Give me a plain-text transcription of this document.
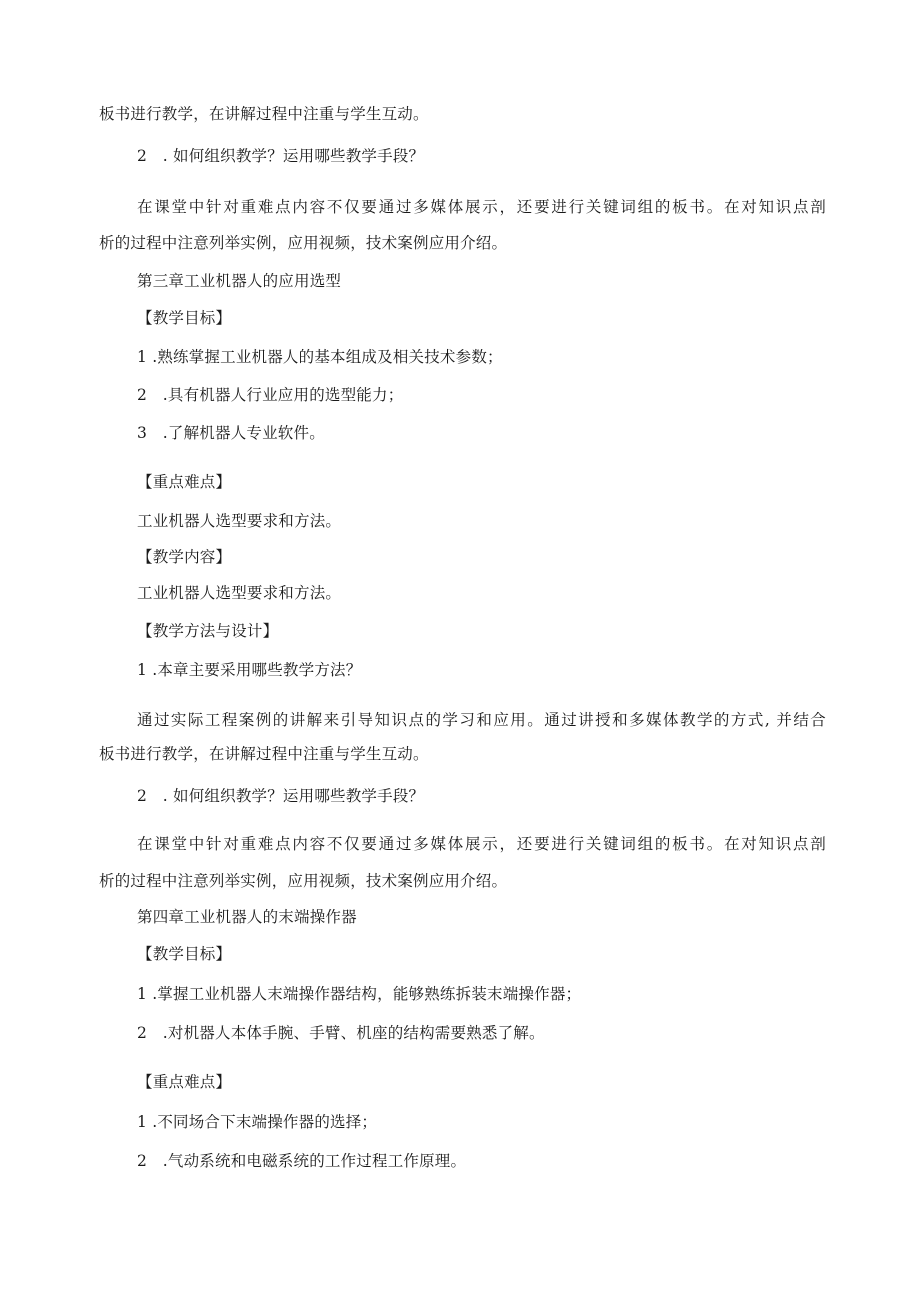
板书进行教学，在讲解过程中注重与学生互动。
2　. 如何组织教学？运用哪些教学手段？
在课堂中针对重难点内容不仅要通过多媒体展示，还要进行关键词组的板书。在对知识点剖
析的过程中注意列举实例，应用视频，技术案例应用介绍。
第三章工业机器人的应用选型
【教学目标】
1 .熟练掌握工业机器人的基本组成及相关技术参数；
2　.具有机器人行业应用的选型能力；
3　.了解机器人专业软件。
【重点难点】
工业机器人选型要求和方法。
【教学内容】
工业机器人选型要求和方法。
【教学方法与设计】
1 .本章主要采用哪些教学方法？
通过实际工程案例的讲解来引导知识点的学习和应用。通过讲授和多媒体教学的方式, 并结合
板书进行教学，在讲解过程中注重与学生互动。
2　. 如何组织教学？运用哪些教学手段？
在课堂中针对重难点内容不仅要通过多媒体展示，还要进行关键词组的板书。在对知识点剖
析的过程中注意列举实例，应用视频，技术案例应用介绍。
第四章工业机器人的末端操作器
【教学目标】
1 .掌握工业机器人末端操作器结构，能够熟练拆装末端操作器；
2　.对机器人本体手腕、手臂、机座的结构需要熟悉了解。
【重点难点】
1 .不同场合下末端操作器的选择；
2　.气动系统和电磁系统的工作过程工作原理。
